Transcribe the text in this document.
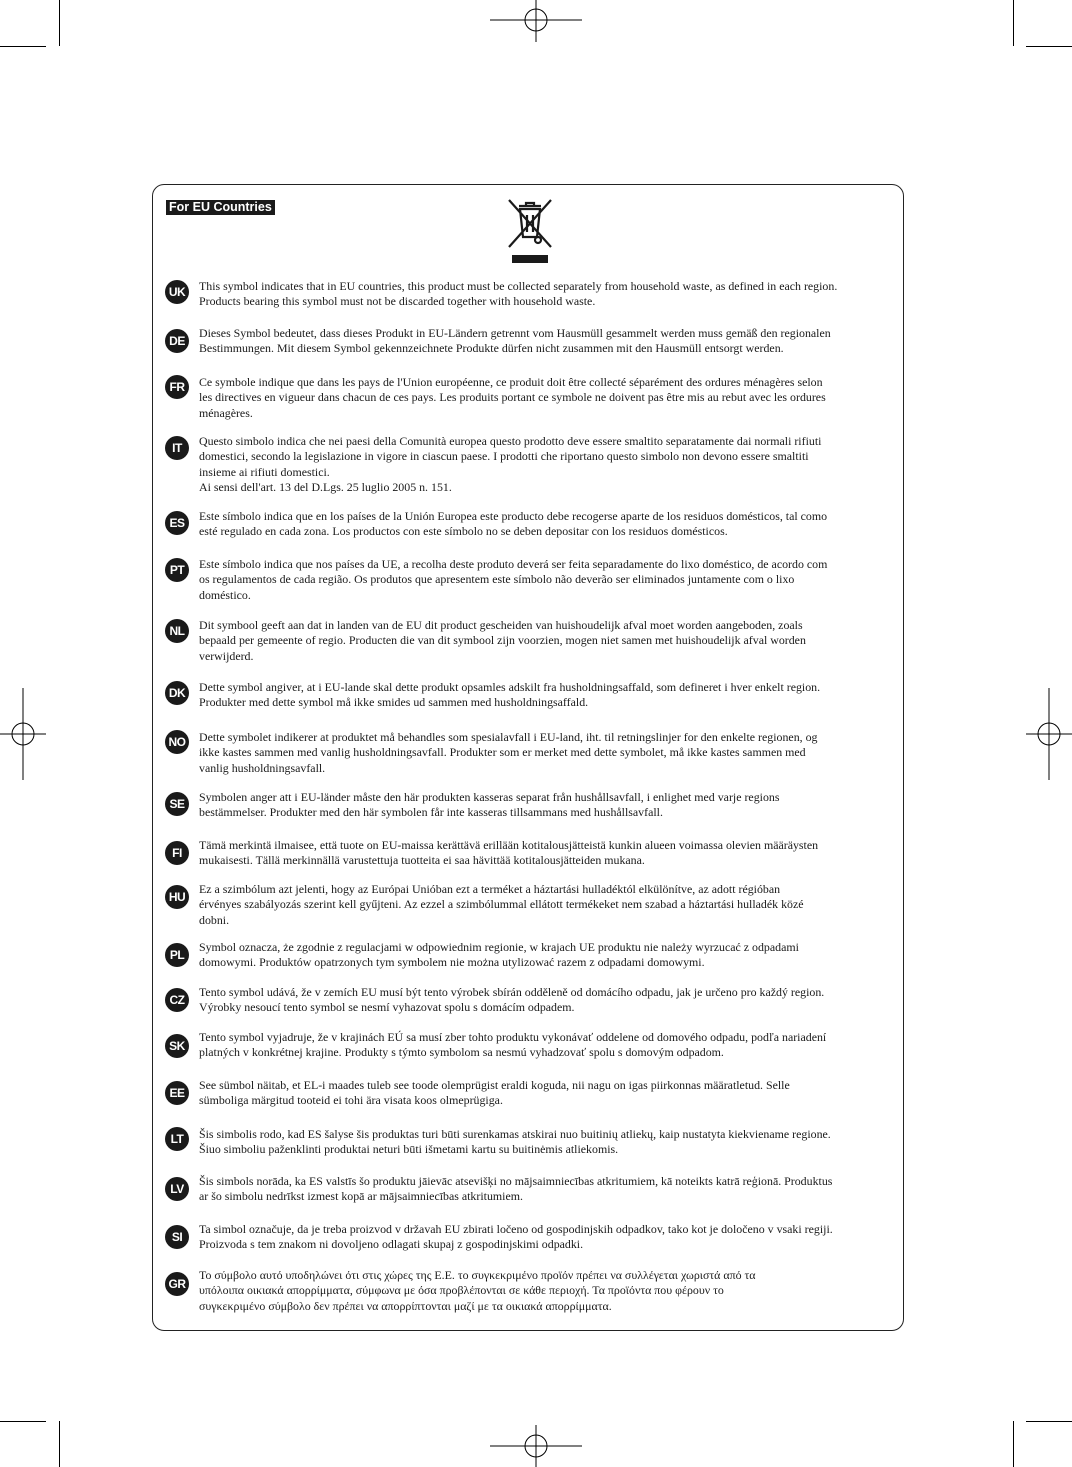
For EU Countries
UK	This symbol indicates that in EU countries, this product must be collected separately from household waste, as defined in each region.
Products bearing this symbol must not be discarded together with household waste.
DE
Dieses Symbol bedeutet, dass dieses Produkt in EU-Ländern getrennt vom Hausmüll gesammelt werden muss gemäß den regionalen
Bestimmungen. Mit diesem Symbol gekennzeichnete Produkte dürfen nicht zusammen mit den Hausmüll entsorgt werden.
FR	Ce symbole indique que dans les pays de l'Union européenne, ce produit doit être collecté séparément des ordures ménagères selon
les directives en vigueur dans chacun de ces pays. Les produits portant ce symbole ne doivent pas être mis au rebut avec les ordures
ménagères.
IT	Questo simbolo indica che nei paesi della Comunità europea questo prodotto deve essere smaltito separatamente dai normali rifiuti
domestici, secondo la legislazione in vigore in ciascun paese. I prodotti che riportano questo simbolo non devono essere smaltiti
insieme ai rifiuti domestici.
Ai sensi dell'art. 13 del D.Lgs. 25 luglio 2005 n. 151.
ES	Este símbolo indica que en los países de la Unión Europea este producto debe recogerse aparte de los residuos domésticos, tal como
esté regulado en cada zona. Los productos con este símbolo no se deben depositar con los residuos domésticos.
PT	Este símbolo indica que nos países da UE, a recolha deste produto deverá ser feita separadamente do lixo doméstico, de acordo com
os regulamentos de cada região. Os produtos que apresentem este símbolo não deverão ser eliminados juntamente com o lixo
doméstico.
NL	Dit symbool geeft aan dat in landen van de EU dit product gescheiden van huishoudelijk afval moet worden aangeboden, zoals
bepaald per gemeente of regio. Producten die van dit symbool zijn voorzien, mogen niet samen met huishoudelijk afval worden
verwijderd.
DK	Dette symbol angiver, at i EU-lande skal dette produkt opsamles adskilt fra husholdningsaffald, som defineret i hver enkelt region.
Produkter med dette symbol må ikke smides ud sammen med husholdningsaffald.
NO Dette symbolet indikerer at produktet må behandles som spesialavfall i EU-land, iht. til retningslinjer for den enkelte regionen, og
ikke kastes sammen med vanlig husholdningsavfall. Produkter som er merket med dette symbolet, må ikke kastes sammen med
vanlig husholdningsavfall.
SE	Symbolen anger att i EU-länder måste den här produkten kasseras separat från hushållsavfall, i enlighet med varje regions
bestämmelser. Produkter med den här symbolen får inte kasseras tillsammans med hushållsavfall.
FI
Tämä merkintä ilmaisee, että tuote on EU-maissa kerättävä erillään kotitalousjätteistä kunkin alueen voimassa olevien määräysten
mukaisesti. Tällä merkinnällä varustettuja tuotteita ei saa hävittää kotitalousjätteiden mukana.
HU
Ez a szimbólum azt jelenti, hogy az Európai Unióban ezt a terméket a háztartási hulladéktól elkülönítve, az adott régióban
érvényes szabályozás szerint kell gyűjteni. Az ezzel a szimbólummal ellátott termékeket nem szabad a háztartási hulladék közé
dobni.
PL
Symbol oznacza, że zgodnie z regulacjami w odpowiednim regionie, w krajach UE produktu nie należy wyrzucać z odpadami
domowymi. Produktów opatrzonych tym symbolem nie można utylizować razem z odpadami domowymi.
CZ
Tento symbol udává, že v zemích EU musí být tento výrobek sbírán odděleně od domácího odpadu, jak je určeno pro každý region.
Výrobky nesoucí tento symbol se nesmí vyhazovat spolu s domácím odpadem.
SK
Tento symbol vyjadruje, že v krajinách EÚ sa musí zber tohto produktu vykonávať oddelene od domového odpadu, podľa nariadení
platných v konkrétnej krajine. Produkty s týmto symbolom sa nesmú vyhadzovať spolu s domovým odpadom.
EE
See sümbol näitab, et EL-i maades tuleb see toode olemprügist eraldi koguda, nii nagu on igas piirkonnas määratletud. Selle
sümboliga märgitud tooteid ei tohi ära visata koos olmeprügiga.
LT	Šis simbolis rodo, kad ES šalyse šis produktas turi būti surenkamas atskirai nuo buitinių atliekų, kaip nustatyta kiekviename regione.
Šiuo simboliu paženklinti produktai neturi būti išmetami kartu su buitinėmis atliekomis.
LV
Šis simbols norāda, ka ES valstīs šo produktu jāievāc atsevišķi no mājsaimniecības atkritumiem, kā noteikts katrā reģionā. Produktus
ar šo simbolu nedrīkst izmest kopā ar mājsaimniecības atkritumiem.
SI
Ta simbol označuje, da je treba proizvod v državah EU zbirati ločeno od gospodinjskih odpadkov, tako kot je določeno v vsaki regiji.
Proizvoda s tem znakom ni dovoljeno odlagati skupaj z gospodinjskimi odpadki.
GR
Το σύμβολο αυτό υποδηλώνει ότι στις χώρες της Ε.Ε. το συγκεκριμένο προϊόν πρέπει να συλλέγεται χωριστά από τα
υπόλοιπα οικιακά απορρίμματα, σύμφωνα με όσα προβλέπονται σε κάθε περιοχή. Τα προϊόντα που φέρουν το
συγκεκριμένο σύμβολο δεν πρέπει να απορρίπτονται μαζί με τα οικιακά απορρίμματα.
